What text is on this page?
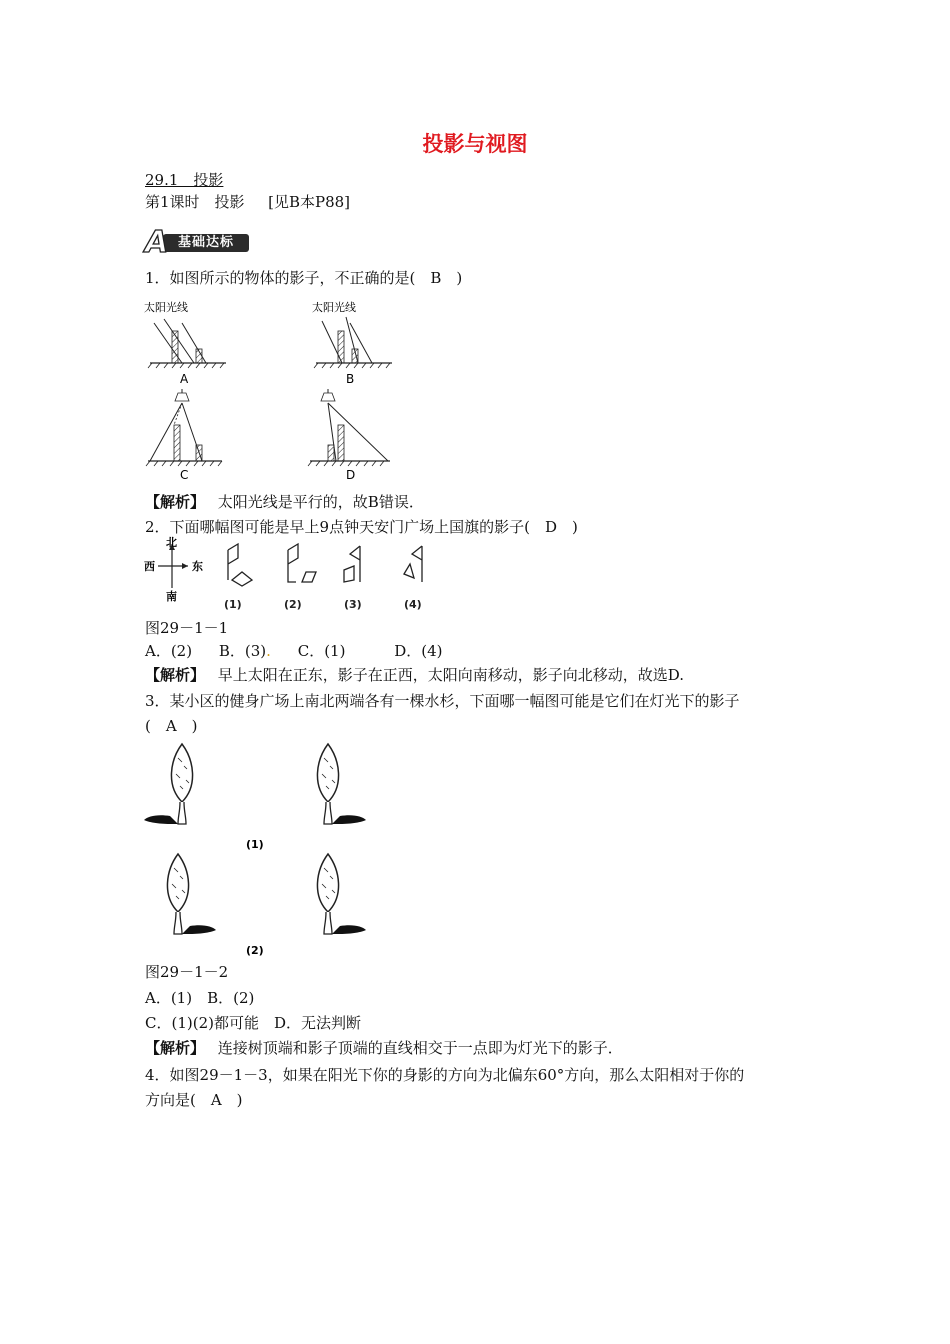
投影与视图
29.1　投影
第1课时　投影 [见B本P88]
基础达标
A
1．如图所示的物体的影子，不正确的是(　B　)
太阳光线
A
太阳光线
B
C	D
【解析】 太阳光线是平行的，故B错误．
2．下面哪幅图可能是早上9点钟天安门广场上国旗的影子(　D　)
北
南
西	东
(1)	(2)	(3)	(4)
图29－1－1
A．(2) B．(3). C．(1)	D．(4)
【解析】 早上太阳在正东，影子在正西，太阳向南移动，影子向北移动，故选D.
3．某小区的健身广场上南北两端各有一棵水杉，下面哪一幅图可能是它们在灯光下的影子
(　A　)
(1)
(2)
图29－1－2
A．(1)　B．(2)
C．(1)(2)都可能　D．无法判断
【解析】 连接树顶端和影子顶端的直线相交于一点即为灯光下的影子．
4．如图29－1－3，如果在阳光下你的身影的方向为北偏东60°方向，那么太阳相对于你的
方向是(　A　)
